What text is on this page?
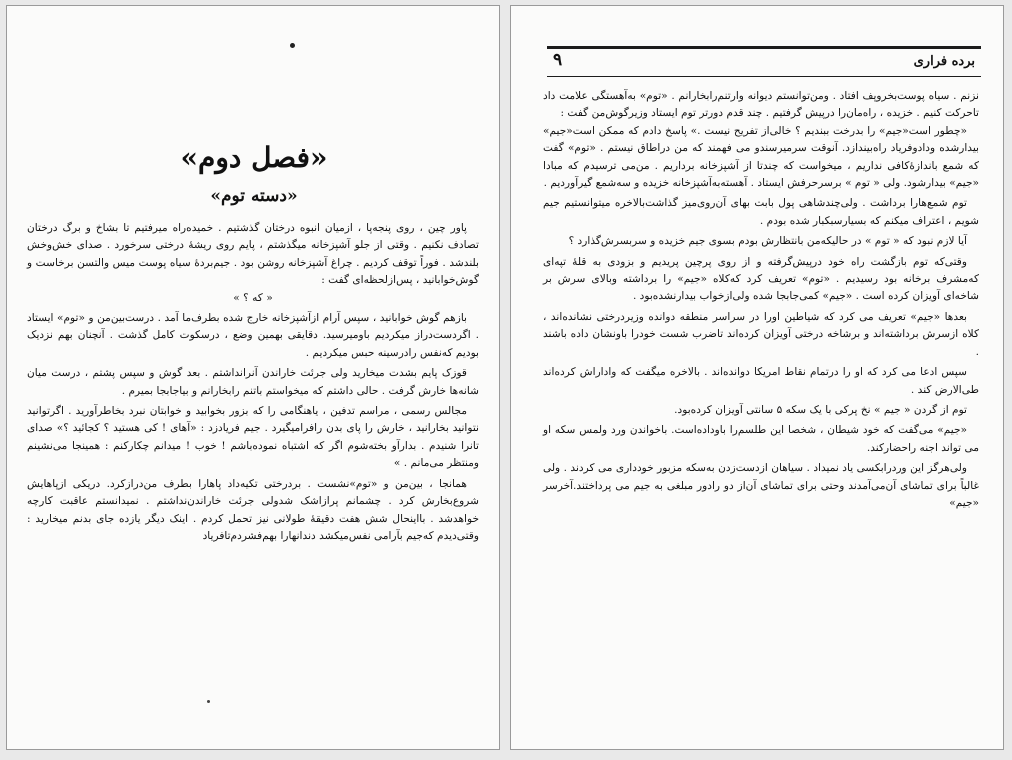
«فصل دوم»
«دسته توم»

پاور چین ، روی پنجه‌پا ، ازمیان انبوه درختان گذشتیم . خمیده‌راه میرفتیم تا بشاخ و برگ درختان تصادف نکنیم . وقتی از جلو آشپزخانه میگذشتم ، پایم روی ریشهٔ درختی سرخورد . صدای خش‌وخش بلندشد . فوراً توقف کردیم . چراغ آشپزخانه روشن بود . جیم‌بردهٔ سیاه پوست میس والتسن برخاست و گوش‌خوابانید ، پس‌ازلحظه‌ای گفت :

« که ؟ »

بازهم گوش خوابانید ، سپس آرام ازآشپزخانه خارج شده بطرف‌ما آمد . درست‌بین‌من و «توم» ایستاد . اگردست‌دراز میکردیم باومیرسید. دقایقی بهمین وضع ، درسکوت کامل گذشت . آنچنان بهم نزدیک بودیم که‌نفس رادرسینه حبس میکردیم .

قوزک پایم بشدت میخارید ولی جرئت خاراندن آنرانداشتم . بعد گوش و سپس پشتم ، درست میان شانه‌ها خارش گرفت . حالی داشتم که میخواستم باتنم رابخارانم و بیاجابجا بمیرم .

مجالس رسمی ، مراسم تدفین ، یاهنگامی را که بزور بخوابید و خوابتان نبرد بخاطرآورید . اگرتوانید نتوانید بخارانید ، خارش را پای بدن رافرامیگیرد . جیم فریادزد : «آهای ! کی هستید ؟ کجائید ؟» صدای تانرا شنیدم . بدارآو بخته‌شوم اگر که اشتباه نموده‌باشم ! خوب ! میدانم چکارکنم : همینجا می‌نشینم ومنتظر می‌مانم . »

همانجا ، بین‌من و «توم»نشست . بردرختی تکیه‌داد پاهارا بطرف من‌درازکرد. دریکی ازپاهایش شروع‌بخارش کرد . چشمانم پرازاشک شدولی جرئت خاراندن‌نداشتم . نمیدانستم عاقبت کارچه خواهدشد . بااینحال شش هفت دقیقهٔ طولانی نیز تحمل کردم . اینک دیگر یازده جای بدنم میخارید : وقتی‌دیدم که‌جیم بآرامی نفس‌میکشد دندانهارا بهم‌فشردم‌تافریاد

برده فراری
۹

نزنم . سیاه پوست‌بخروپف افتاد . ومن‌توانستم دیوانه وارتنم‌رابخارانم . «توم» به‌آهستگی علامت داد تاحرکت کنیم . خزیده ، راه‌مان‌را درپیش گرفتیم . چند قدم دورتر توم ایستاد وزیرگوش‌من گفت :

«چطور است«جیم» را بدرخت ببندیم ؟ خالی‌از تفریح نیست .» پاسخ دادم که ممکن است«جیم» بیدارشده ودادوفریاد راه‌بیندازد. آنوقت سرمیرسندو می فهمند که من دراطاق نیستم . «توم» گفت که شمع باندازهٔ‌کافی نداریم ، میخواست که چندتا از آشپزخانه برداریم . من‌می ترسیدم که مبادا «جیم» بیدارشود. ولی « توم » برسرحرفش ایستاد . آهسته‌به‌آشپزخانه خزیده و سه‌شمع گیرآوردیم .

توم شمع‌هارا برداشت . ولی‌چندشاهی پول بابت بهای آن‌روی‌میز گذاشت‌بالاخره میتوانستیم جیم شویم ، اعتراف میکنم که بسیارسبکبار شده بودم .

آیا لازم نبود که « توم » در حالیکه‌من بانتظارش بودم بسوی جیم خزیده و سربسرش‌گذارد ؟

وقتی‌که توم بازگشت راه خود درپیش‌گرفته و از روی پرچین پریدیم و بزودی به قلهٔ تپه‌ای که‌مشرف برخانه بود رسیدیم . «توم» تعریف کرد که‌کلاه «جیم» را برداشته وبالای سرش بر شاخه‌ای آویزان کرده‌ است . «جیم» کمی‌جابجا شده ولی‌ازخواب بیدارنشده‌بود .

بعدها «جیم» تعریف می کرد که شیاطین اورا در سراسر منطقه دوانده وزیردرختی نشانده‌اند ، کلاه ازسرش برداشته‌اند و برشاخه درختی آویزان کرده‌اند تاضرب شست خودرا باونشان داده باشند .

سپس ادعا می کرد که او را درتمام نقاط امریکا دوانده‌اند . بالاخره میگفت که واداراش کرده‌اند طی‌الارض کند .

توم از گردن « جیم » نخ پرکی با یک سکه ۵ سانتی آویزان کرده‌بود.

«جیم» می‌گفت که خود شیطان ، شخصا این طلسم‌را باوداده‌است. باخواندن ورد ولمس سکه او می تواند اجنه راحضارکند.

ولی‌هرگز این وردرابکسی یاد نمیداد . سیاهان ازدست‌زدن به‌سکه مزبور خودداری می کردند . ولی غالباً برای تماشای آن‌می‌آمدند وحتی برای تماشای آن‌از دو رادور مبلغی به جیم می پرداختند.آخرسر «جیم»
